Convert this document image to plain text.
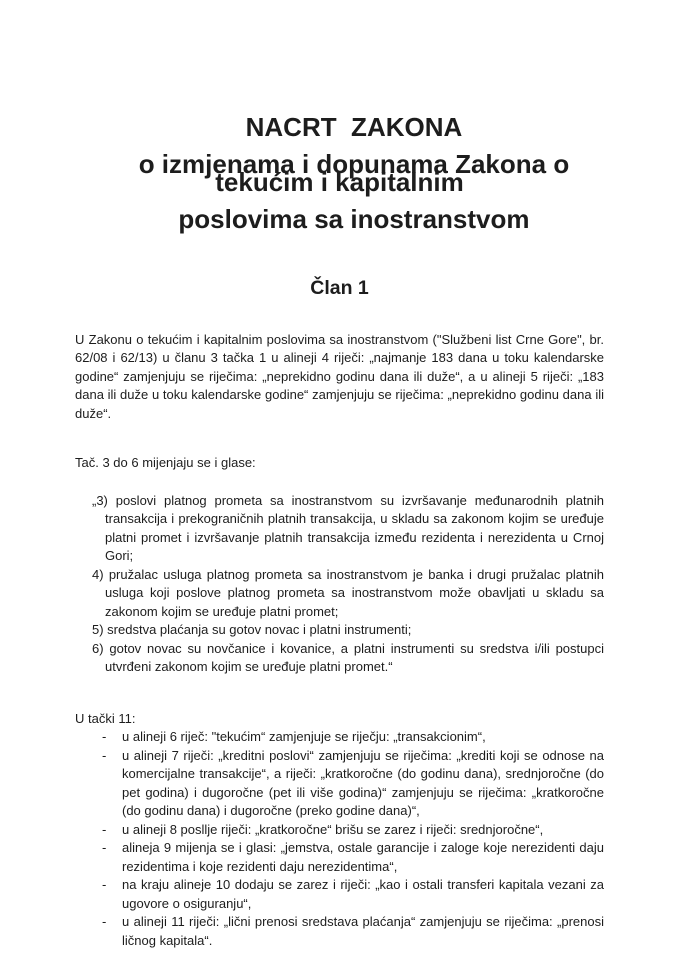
NACRT  ZAKONA

o izmjenama i dopunama Zakona o tekućim i kapitalnim

poslovima sa inostranstvom

Član 1

U Zakonu o tekućim i kapitalnim poslovima sa inostranstvom ("Službeni list Crne Gore", br. 62/08 i 62/13) u članu 3 tačka 1 u alineji 4 riječi: „najmanje 183 dana u toku kalendarske godine“ zamjenjuju se riječima: „neprekidno godinu dana ili duže“, a u alineji 5 riječi: „183 dana ili duže u toku kalendarske godine“ zamjenjuju se riječima: „neprekidno godinu dana ili duže“.

Tač. 3 do 6 mijenjaju se i glase:

„3) poslovi platnog prometa sa inostranstvom su izvršavanje međunarodnih platnih transakcija i prekograničnih platnih transakcija, u skladu sa zakonom kojim se uređuje platni promet i izvršavanje platnih transakcija između rezidenta i nerezidenta u Crnoj Gori;

4) pružalac usluga platnog prometa sa inostranstvom je banka i drugi pružalac platnih usluga koji poslove platnog prometa sa inostranstvom može obavljati u skladu sa zakonom kojim se uređuje platni promet;

5) sredstva plaćanja su gotov novac i platni instrumenti;

6) gotov novac su novčanice i kovanice, a platni instrumenti su sredstva i/ili postupci utvrđeni zakonom kojim se uređuje platni promet.“

U tački 11:

- u alineji 6 riječ: "tekućim“ zamjenjuje se riječju: „transakcionim“,
- u alineji 7 riječi: „kreditni poslovi“ zamjenjuju se riječima: „krediti koji se odnose na komercijalne transakcije“, a riječi: „kratkoročne (do godinu dana), srednjoročne (do pet godina) i dugoročne (pet ili više godina)“ zamjenjuju se riječima: „kratkoročne (do godinu dana) i dugoročne (preko godine dana)“,
- u alineji 8 posllje riječi: „kratkoročne“ brišu se zarez i riječi: srednjoročne“,
- alineja 9 mijenja se i glasi: „jemstva, ostale garancije i zaloge koje nerezidenti daju rezidentima i koje rezidenti daju nerezidentima“,
- na kraju alineje 10 dodaju se zarez i riječi: „kao i ostali transferi kapitala vezani za ugovore o osiguranju“,
- u alineji 11 riječi: „lični prenosi sredstava plaćanja“ zamjenjuju se riječima: „prenosi ličnog kapitala“.
